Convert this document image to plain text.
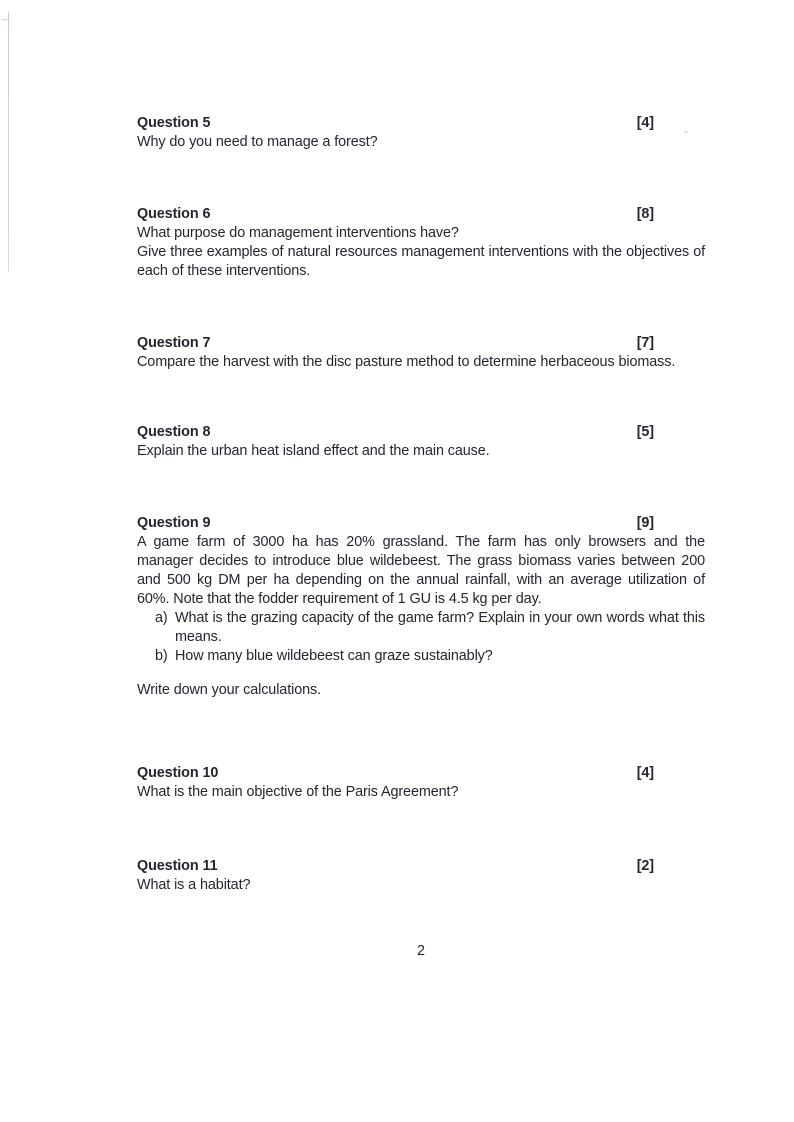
Question 5	[4]

Why do you need to manage a forest?

Question 6	[8]

What purpose do management interventions have?

Give three examples of natural resources management interventions with the objectives of each of these interventions.

Question 7	[7]

Compare the harvest with the disc pasture method to determine herbaceous biomass.

Question 8	[5]

Explain the urban heat island effect and the main cause.

Question 9	[9]

A game farm of 3000 ha has 20% grassland. The farm has only browsers and the manager decides to introduce blue wildebeest. The grass biomass varies between 200 and 500 kg DM per ha depending on the annual rainfall, with an average utilization of 60%. Note that the fodder requirement of 1 GU is 4.5 kg per day.

a) What is the grazing capacity of the game farm? Explain in your own words what this means.
b) How many blue wildebeest can graze sustainably?

Write down your calculations.

Question 10	[4]

What is the main objective of the Paris Agreement?

Question 11	[2]

What is a habitat?

2
